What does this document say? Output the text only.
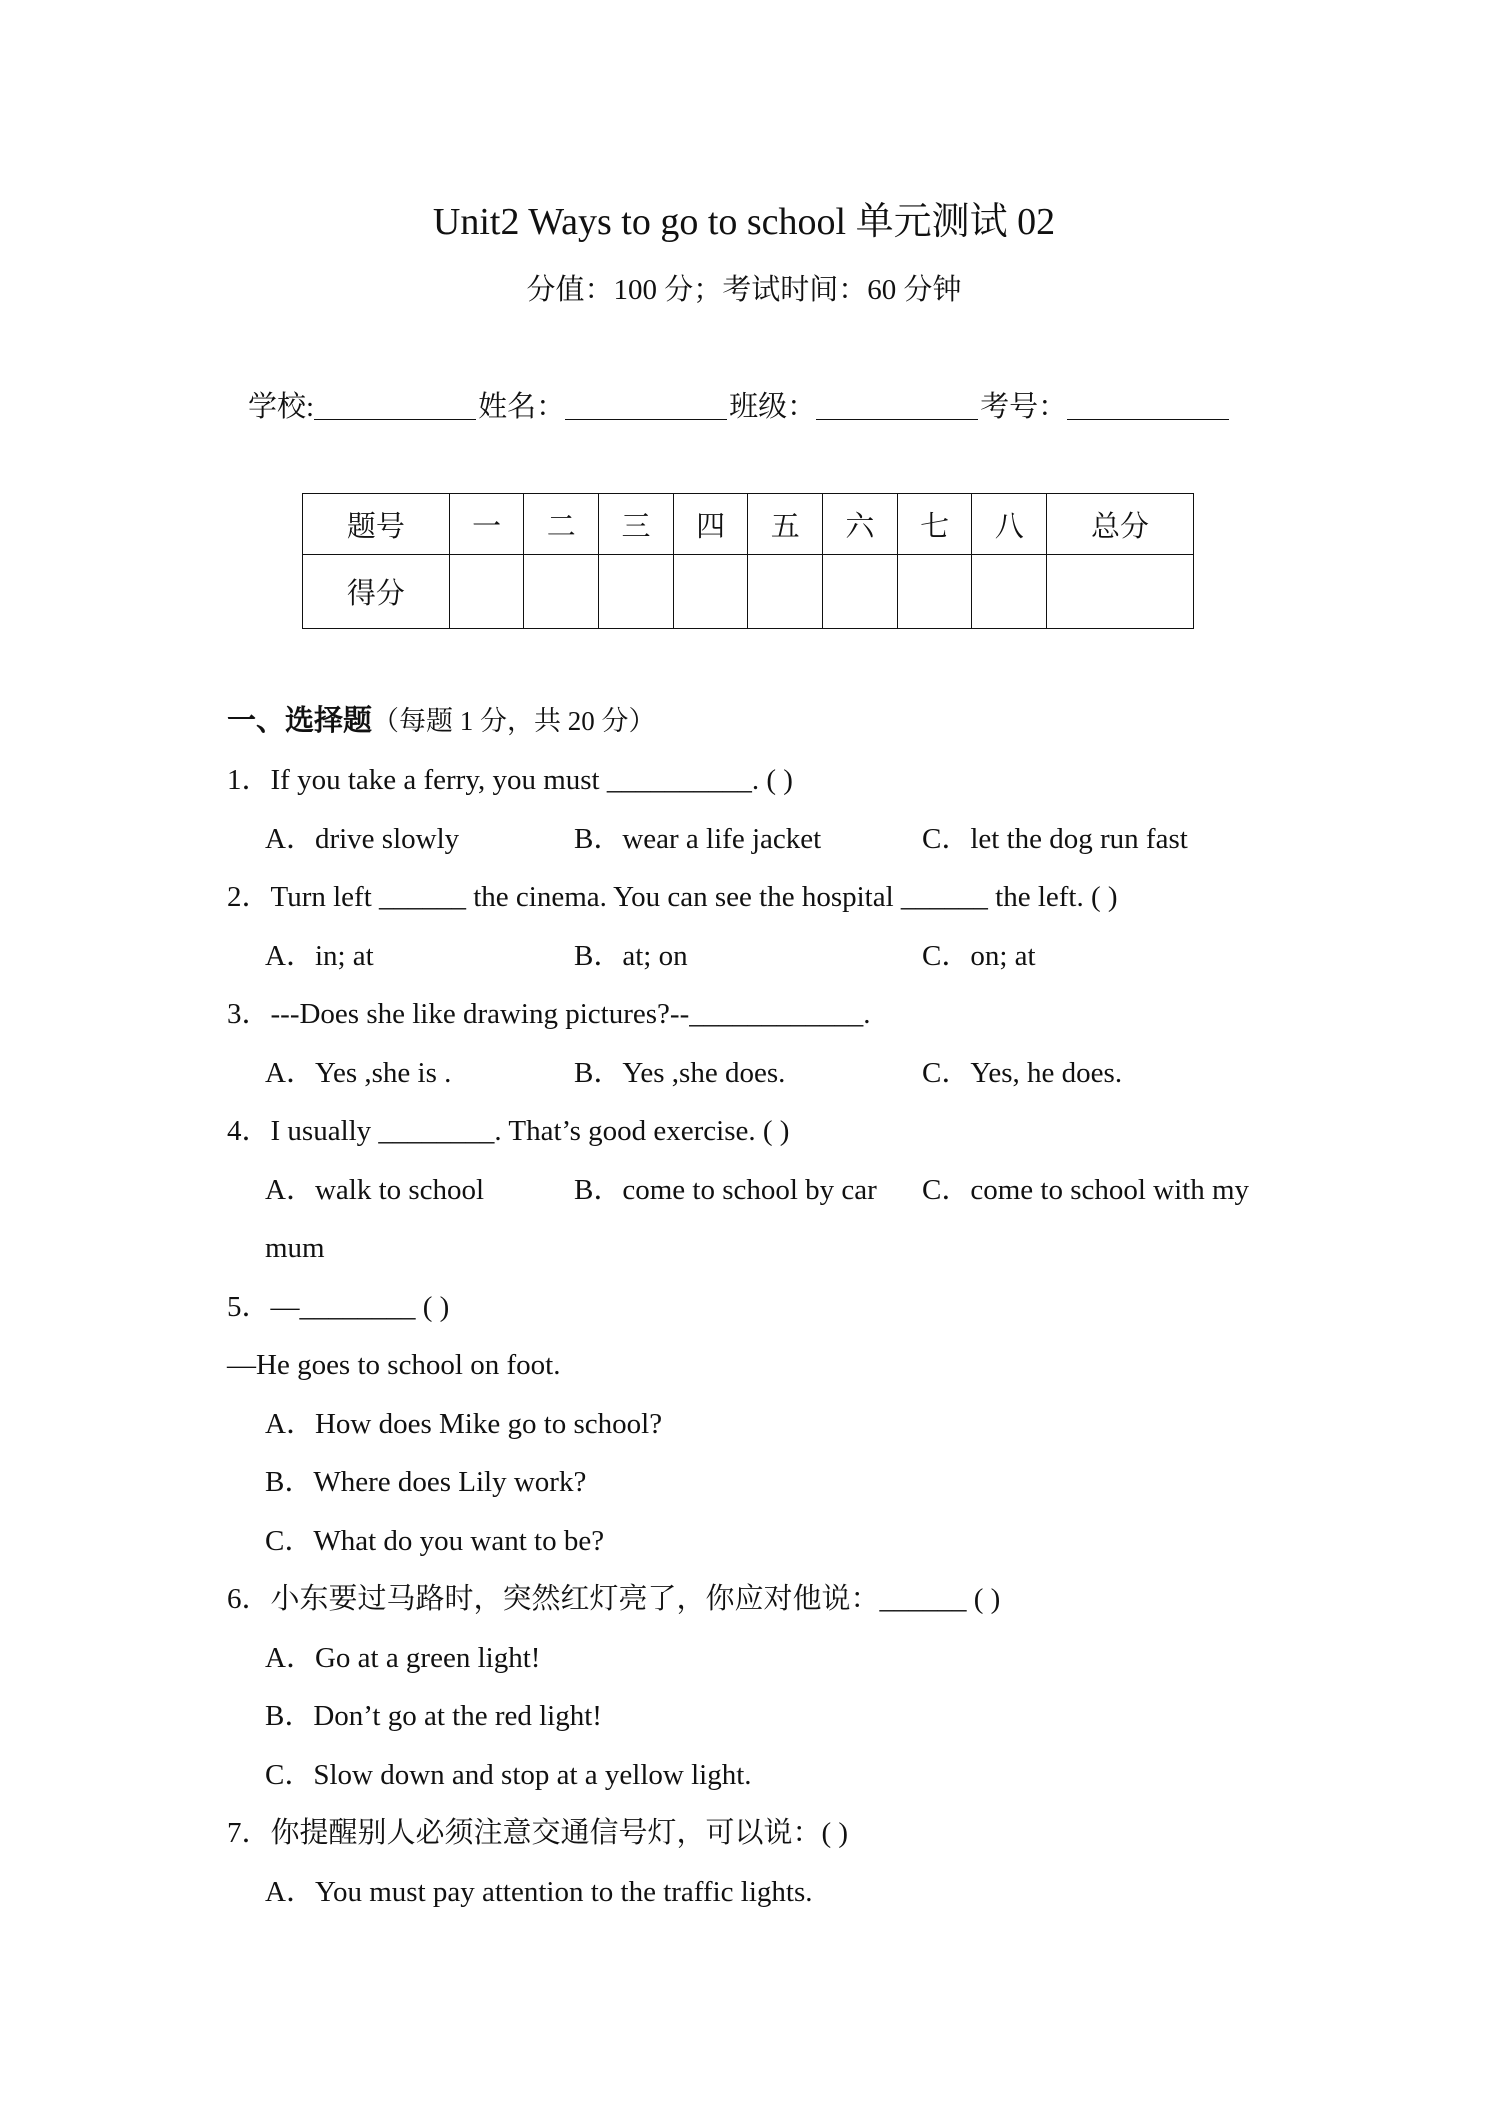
Unit2 Ways to go to school 单元测试 02
分值：100 分；考试时间：60 分钟
学校:	姓名：	班级：	考号：
题号	一	二	三	四	五	六	七	八	总分
得分									
一、选择题（每题 1 分，共 20 分）
1．If you take a ferry, you must __________. ( )
A．drive slowly	B．wear a life jacket	C．let the dog run fast
2．Turn left ______ the cinema. You can see the hospital ______ the left. ( )
A．in; at	B．at; on	C．on; at
3．---Does she like drawing pictures?--____________.
A．Yes ,she is .	B．Yes ,she does.	C．Yes, he does.
4．I usually ________. That’s good exercise. ( )
A．walk to school	B．come to school by car C．come to school with my
mum
5．—________ ( )
—He goes to school on foot.
A．How does Mike go to school?
B．Where does Lily work?
C．What do you want to be?
6．小东要过马路时，突然红灯亮了，你应对他说：______ ( )
A．Go at a green light!
B．Don’t go at the red light!
C．Slow down and stop at a yellow light.
7．你提醒别人必须注意交通信号灯，可以说：( )
A．You must pay attention to the traffic lights.
